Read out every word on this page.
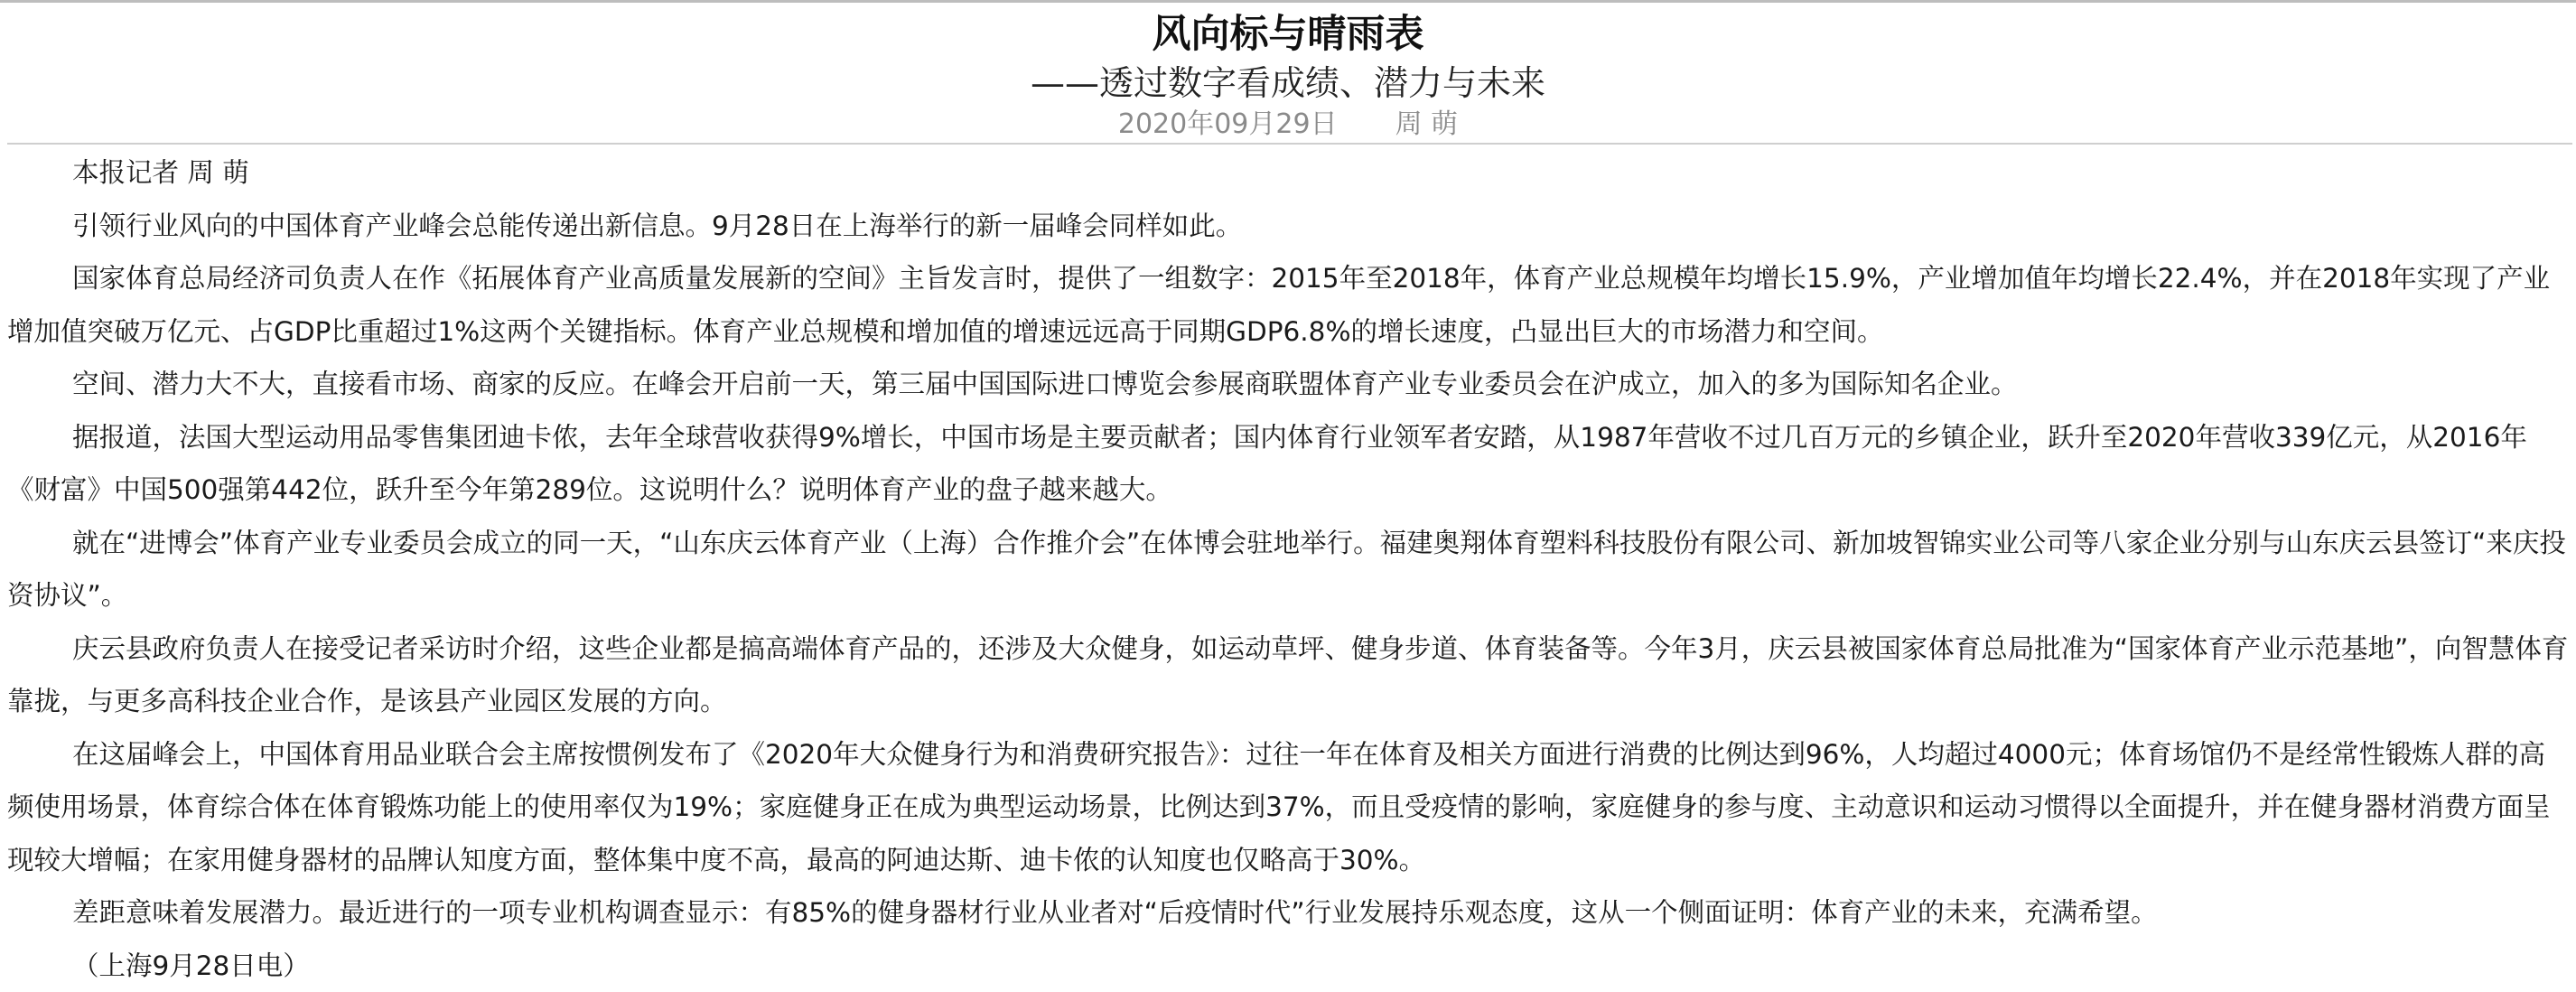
风向标与晴雨表
——透过数字看成绩、潜力与未来
2020年09月29日 周 萌

本报记者 周 萌

引领行业风向的中国体育产业峰会总能传递出新信息。9月28日在上海举行的新一届峰会同样如此。

国家体育总局经济司负责人在作《拓展体育产业高质量发展新的空间》主旨发言时，提供了一组数字：2015年至2018年，体育产业总规模年均增长15.9%，产业增加值年均增长22.4%，并在2018年实现了产业增加值突破万亿元、占GDP比重超过1%这两个关键指标。体育产业总规模和增加值的增速远远高于同期GDP6.8%的增长速度，凸显出巨大的市场潜力和空间。

空间、潜力大不大，直接看市场、商家的反应。在峰会开启前一天，第三届中国国际进口博览会参展商联盟体育产业专业委员会在沪成立，加入的多为国际知名企业。

据报道，法国大型运动用品零售集团迪卡侬，去年全球营收获得9%增长，中国市场是主要贡献者；国内体育行业领军者安踏，从1987年营收不过几百万元的乡镇企业，跃升至2020年营收339亿元，从2016年《财富》中国500强第442位，跃升至今年第289位。这说明什么？说明体育产业的盘子越来越大。

就在“进博会”体育产业专业委员会成立的同一天，“山东庆云体育产业（上海）合作推介会”在体博会驻地举行。福建奥翔体育塑料科技股份有限公司、新加坡智锦实业公司等八家企业分别与山东庆云县签订“来庆投资协议”。

庆云县政府负责人在接受记者采访时介绍，这些企业都是搞高端体育产品的，还涉及大众健身，如运动草坪、健身步道、体育装备等。今年3月，庆云县被国家体育总局批准为“国家体育产业示范基地”，向智慧体育靠拢，与更多高科技企业合作，是该县产业园区发展的方向。

在这届峰会上，中国体育用品业联合会主席按惯例发布了《2020年大众健身行为和消费研究报告》：过往一年在体育及相关方面进行消费的比例达到96%，人均超过4000元；体育场馆仍不是经常性锻炼人群的高频使用场景，体育综合体在体育锻炼功能上的使用率仅为19%；家庭健身正在成为典型运动场景，比例达到37%，而且受疫情的影响，家庭健身的参与度、主动意识和运动习惯得以全面提升，并在健身器材消费方面呈现较大增幅；在家用健身器材的品牌认知度方面，整体集中度不高，最高的阿迪达斯、迪卡侬的认知度也仅略高于30%。

差距意味着发展潜力。最近进行的一项专业机构调查显示：有85%的健身器材行业从业者对“后疫情时代”行业发展持乐观态度，这从一个侧面证明：体育产业的未来，充满希望。

（上海9月28日电）
